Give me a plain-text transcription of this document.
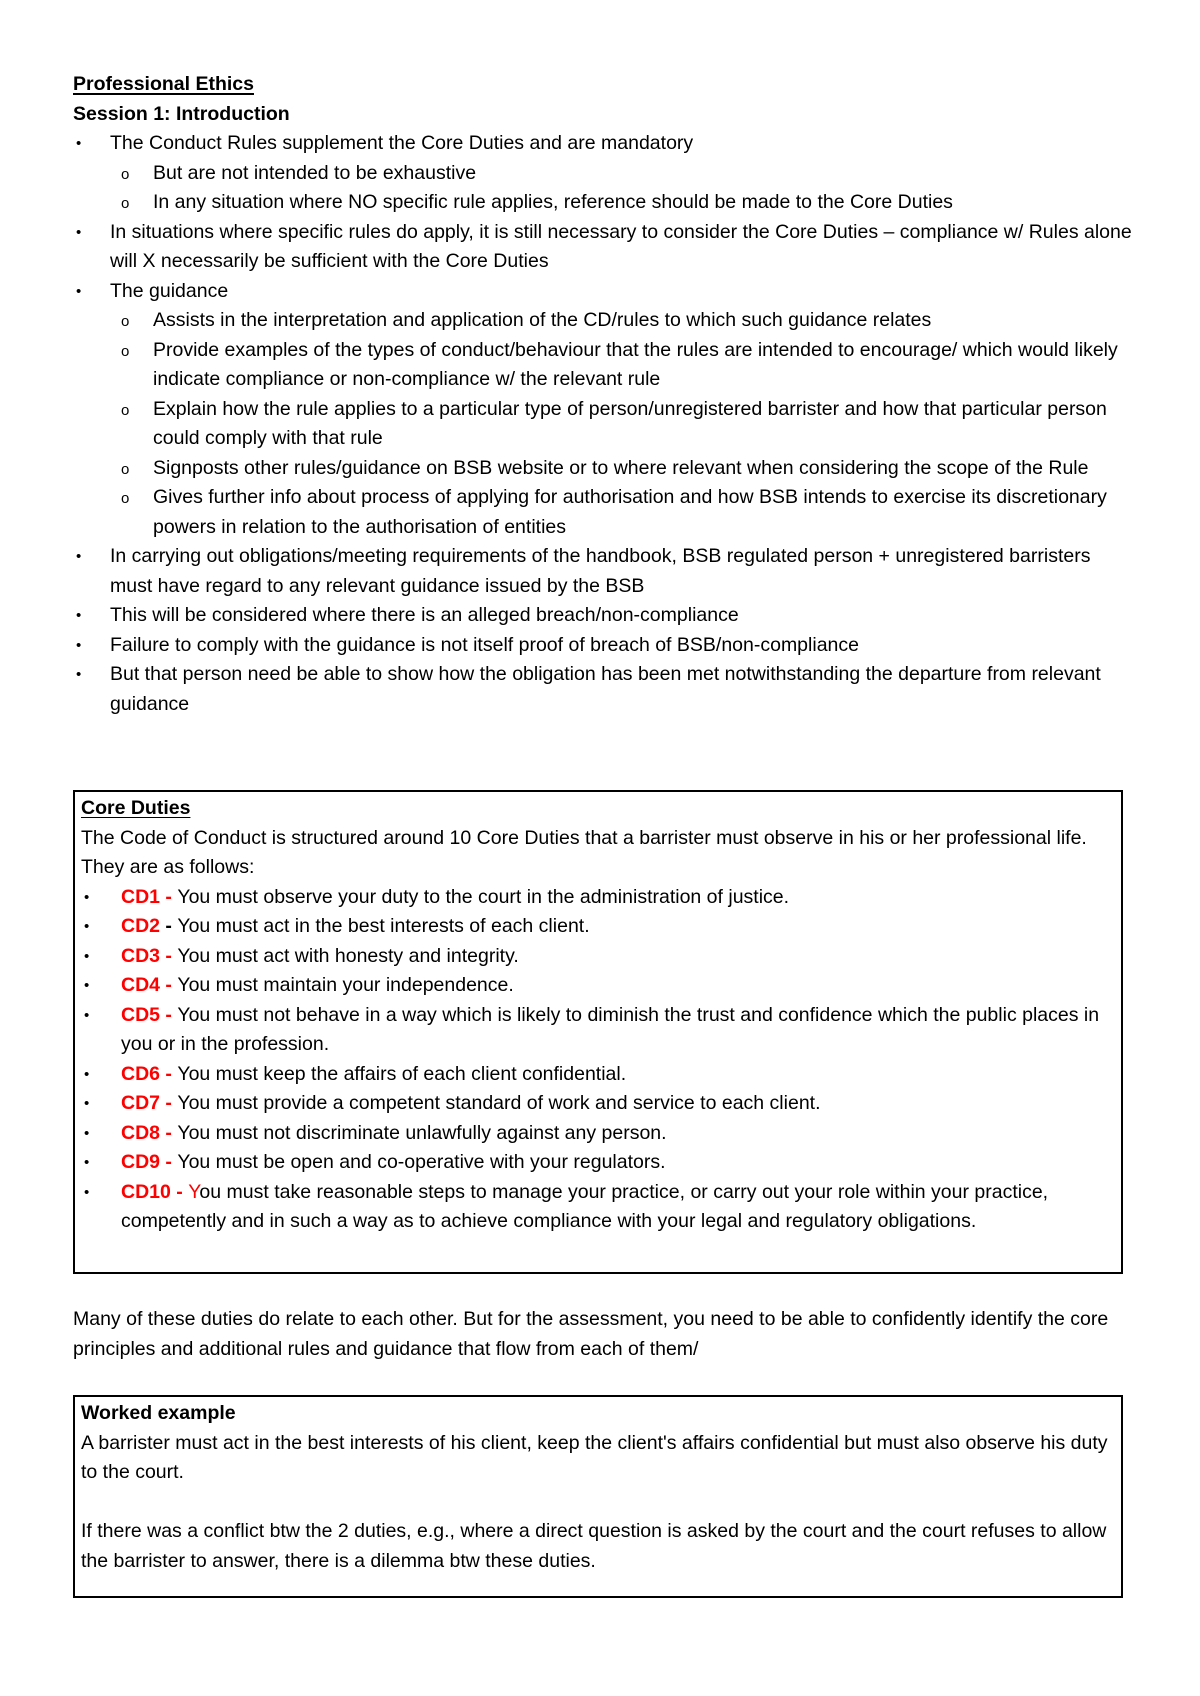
Professional Ethics
Session 1: Introduction
• The Conduct Rules supplement the Core Duties and are mandatory
o But are not intended to be exhaustive
o In any situation where NO specific rule applies, reference should be made to the Core Duties
• In situations where specific rules do apply, it is still necessary to consider the Core Duties – compliance w/ Rules alone will X necessarily be sufficient with the Core Duties
• The guidance
o Assists in the interpretation and application of the CD/rules to which such guidance relates
o Provide examples of the types of conduct/behaviour that the rules are intended to encourage/ which would likely indicate compliance or non-compliance w/ the relevant rule
o Explain how the rule applies to a particular type of person/unregistered barrister and how that particular person could comply with that rule
o Signposts other rules/guidance on BSB website or to where relevant when considering the scope of the Rule
o Gives further info about process of applying for authorisation and how BSB intends to exercise its discretionary powers in relation to the authorisation of entities
• In carrying out obligations/meeting requirements of the handbook, BSB regulated person + unregistered barristers must have regard to any relevant guidance issued by the BSB
• This will be considered where there is an alleged breach/non-compliance
• Failure to comply with the guidance is not itself proof of breach of BSB/non-compliance
• But that person need be able to show how the obligation has been met notwithstanding the departure from relevant guidance
Core Duties
The Code of Conduct is structured around 10 Core Duties that a barrister must observe in his or her professional life. They are as follows:
• CD1 - You must observe your duty to the court in the administration of justice.
• CD2 - You must act in the best interests of each client.
• CD3 - You must act with honesty and integrity.
• CD4 - You must maintain your independence.
• CD5 - You must not behave in a way which is likely to diminish the trust and confidence which the public places in you or in the profession.
• CD6 - You must keep the affairs of each client confidential.
• CD7 - You must provide a competent standard of work and service to each client.
• CD8 - You must not discriminate unlawfully against any person.
• CD9 - You must be open and co-operative with your regulators.
• CD10 - You must take reasonable steps to manage your practice, or carry out your role within your practice, competently and in such a way as to achieve compliance with your legal and regulatory obligations.
Many of these duties do relate to each other. But for the assessment, you need to be able to confidently identify the core principles and additional rules and guidance that flow from each of them/
Worked example
A barrister must act in the best interests of his client, keep the client's affairs confidential but must also observe his duty to the court.
If there was a conflict btw the 2 duties, e.g., where a direct question is asked by the court and the court refuses to allow the barrister to answer, there is a dilemma btw these duties.
